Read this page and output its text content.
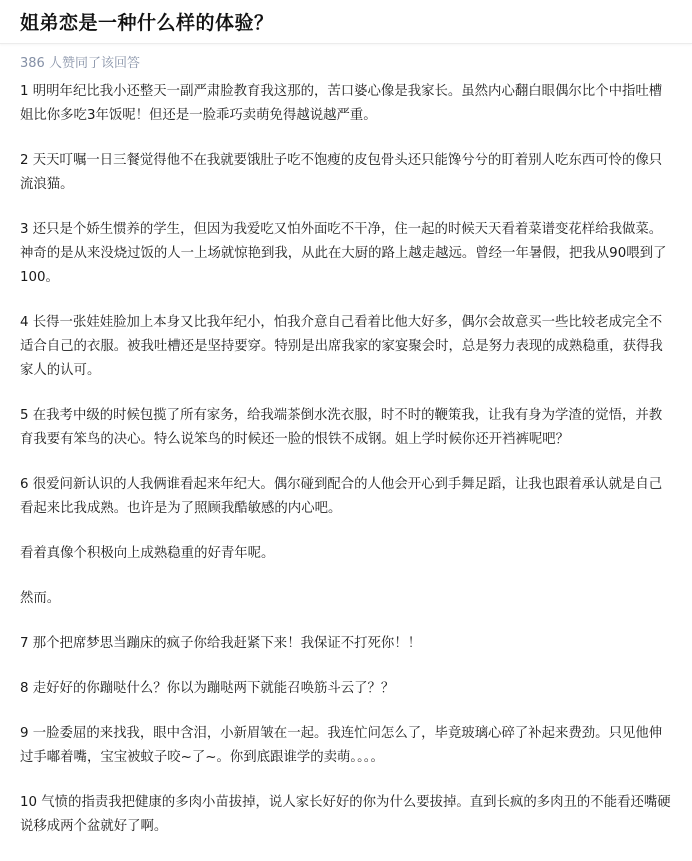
姐弟恋是一种什么样的体验？
386 人赞同了该回答

1 明明年纪比我小还整天一副严肃脸教育我这那的，苦口婆心像是我家长。虽然内心翻白眼偶尔比个中指吐槽姐比你多吃3年饭呢！但还是一脸乖巧卖萌免得越说越严重。

2 天天叮嘱一日三餐觉得他不在我就要饿肚子吃不饱瘦的皮包骨头还只能馋兮兮的盯着别人吃东西可怜的像只流浪猫。

3 还只是个娇生惯养的学生，但因为我爱吃又怕外面吃不干净，住一起的时候天天看着菜谱变花样给我做菜。神奇的是从来没烧过饭的人一上场就惊艳到我，从此在大厨的路上越走越远。曾经一年暑假，把我从90喂到了100。

4 长得一张娃娃脸加上本身又比我年纪小，怕我介意自己看着比他大好多，偶尔会故意买一些比较老成完全不适合自己的衣服。被我吐槽还是坚持要穿。特别是出席我家的家宴聚会时，总是努力表现的成熟稳重，获得我家人的认可。

5 在我考中级的时候包揽了所有家务，给我端茶倒水洗衣服，时不时的鞭策我，让我有身为学渣的觉悟，并教育我要有笨鸟的决心。特么说笨鸟的时候还一脸的恨铁不成钢。姐上学时候你还开裆裤呢吧？

6 很爱问新认识的人我俩谁看起来年纪大。偶尔碰到配合的人他会开心到手舞足蹈，让我也跟着承认就是自己看起来比我成熟。也许是为了照顾我酷敏感的内心吧。

看着真像个积极向上成熟稳重的好青年呢。

然而。

7 那个把席梦思当蹦床的疯子你给我赶紧下来！我保证不打死你！！

8 走好好的你蹦哒什么？你以为蹦哒两下就能召唤筋斗云了？？

9 一脸委屈的来找我，眼中含泪，小新眉皱在一起。我连忙问怎么了，毕竟玻璃心碎了补起来费劲。只见他伸过手嘟着嘴，宝宝被蚊子咬~了~。你到底跟谁学的卖萌。。。。

10 气愤的指责我把健康的多肉小苗拔掉，说人家长好好的你为什么要拔掉。直到长疯的多肉丑的不能看还嘴硬说移成两个盆就好了啊。
